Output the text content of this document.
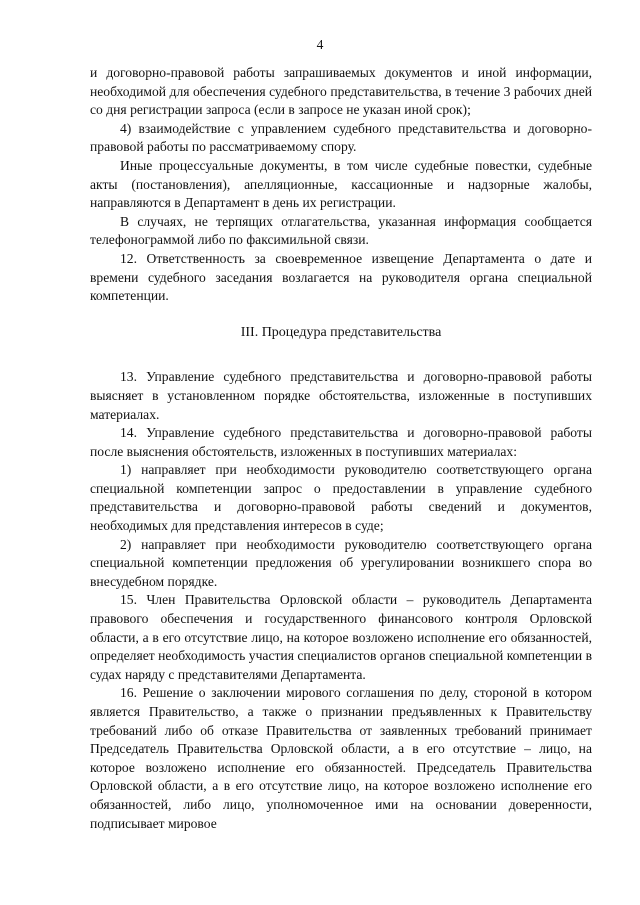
4

и договорно-правовой работы запрашиваемых документов и иной информации, необходимой для обеспечения судебного представительства, в течение 3 рабочих дней со дня регистрации запроса (если в запросе не указан иной срок);

4) взаимодействие с управлением судебного представительства и договорно-правовой работы по рассматриваемому спору.

Иные процессуальные документы, в том числе судебные повестки, судебные акты (постановления), апелляционные, кассационные и надзорные жалобы, направляются в Департамент в день их регистрации.

В случаях, не терпящих отлагательства, указанная информация сообщается телефонограммой либо по факсимильной связи.

12. Ответственность за своевременное извещение Департамента о дате и времени судебного заседания возлагается на руководителя органа специальной компетенции.

III. Процедура представительства

13. Управление судебного представительства и договорно-правовой работы выясняет в установленном порядке обстоятельства, изложенные в поступивших материалах.

14. Управление судебного представительства и договорно-правовой работы после выяснения обстоятельств, изложенных в поступивших материалах:

1) направляет при необходимости руководителю соответствующего органа специальной компетенции запрос о предоставлении в управление судебного представительства и договорно-правовой работы сведений и документов, необходимых для представления интересов в суде;

2) направляет при необходимости руководителю соответствующего органа специальной компетенции предложения об урегулировании возникшего спора во внесудебном порядке.

15. Член Правительства Орловской области – руководитель Департамента правового обеспечения и государственного финансового контроля Орловской области, а в его отсутствие лицо, на которое возложено исполнение его обязанностей, определяет необходимость участия специалистов органов специальной компетенции в судах наряду с представителями Департамента.

16. Решение о заключении мирового соглашения по делу, стороной в котором является Правительство, а также о признании предъявленных к Правительству требований либо об отказе Правительства от заявленных требований принимает Председатель Правительства Орловской области, а в его отсутствие – лицо, на которое возложено исполнение его обязанностей. Председатель Правительства Орловской области, а в его отсутствие лицо, на которое возложено исполнение его обязанностей, либо лицо, уполномоченное ими на основании доверенности, подписывает мировое
